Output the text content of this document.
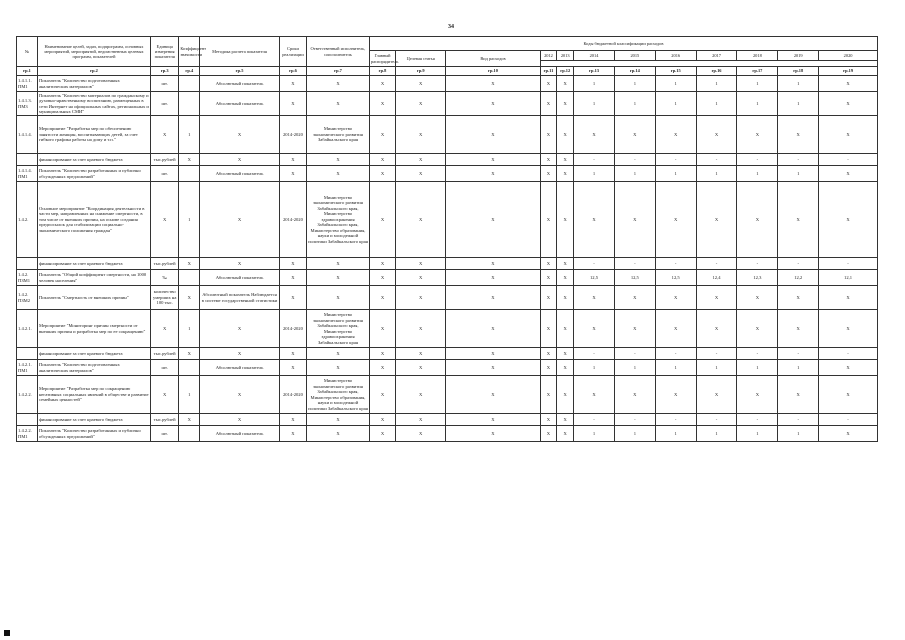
34
№	Наименование целей, задач, подпрограмм, основных мероприятий, мероприятий, ведомственных целевых программ, показателей	Единица измерения показателя	Коэффициент значимости	Методика расчета показателя	Сроки реализации	Ответственный исполнитель, соисполнитель	Коды бюджетной классификации расходов											
							Главный распорядитель	Целевая статья	Вид расходов	2012	2013	2014	2015	2016	2017	2018	2019	2020

гр.1	гр.2	гр.3	гр.4	гр.5	гр.6	гр.7	гр.8	гр.9	гр.10	гр.11	гр.12	гр.13	гр.14	гр.15	гр.16	гр.17	гр.18	гр.19
1.4.1.1. ПМ1	Показатель "Количество подготовленных аналитических материалов"	шт.		Абсолютный показатель	X	X	X	X	X	X	X	1	1	1	1	1	1	X
1.4.1.3. ПМ3	Показатель "Количество материалов по гражданскому и духовно-нравственному воспитанию, размещенных в сети Интернет на официальных сайтах, региональных и муниципальных СМИ"	шт.		Абсолютный показатель	X	X	X	X	X	X	X	1	1	1	1	1	1	X
1.4.1.4.	Мероприятие "Разработка мер по обеспечению занятости женщин, воспитывающих детей, за счет гибкого графика работы на дому и т.п."	X	1	X	2014-2020	Министерство экономического развития Забайкальского края	X	X	X	X	X	X	X	X	X	X	X	X
	финансирование за счет краевого бюджета	тыс.рублей	X	X	X	X	X	X	X	X	X	-	-	-	-	-	-	-
1.4.1.4. ПМ1	Показатель "Количество разработанных и публично обсужденных предложений"	шт.		Абсолютный показатель	X	X	X	X	X	X	X	1	1	1	1	1	1	X
1.4.2.	Основное мероприятие "Координация деятельности в части мер, направленных на снижение смертности, в том числе от внешних причин, на основе создания предпосылок для стабилизации социально-экономического положения граждан"	X	1	X	2014-2020	Министерство экономического развития Забайкальского края, Министерство здравоохранения Забайкальского края, Министерство образования, науки и молодежной политики Забайкальского края	X	X	X	X	X	X	X	X	X	X	X	X
	финансирование за счет краевого бюджета	тыс.рублей	X	X	X	X	X	X	X	X	X	-	-	-	-	-	-	-
1.4.2. ПЗМ1	Показатель "Общий коэффициент смертности, на 1000 человек населения"	‰		Абсолютный показатель	X	X	X	X	X	X	X	12,5	12,5	12,5	12,4	12,3	12,2	12,1
1.4.2. ПЗМ2	Показатель "Смертность от внешних причин"	количество умерших на 100 тыс.	X	Абсолютный показатель Наблюдается в системе государственной статистики	X	X	X	X	X	X	X	X	X	X	X	X	X	X
1.4.2.1.	Мероприятие "Мониторинг причин смертности от внешних причин и разработка мер по ее сокращению"	X	1	X	2014-2020	Министерство экономического развития Забайкальского края, Министерство здравоохранения Забайкальского края	X	X	X	X	X	X	X	X	X	X	X	X
	финансирование за счет краевого бюджета	тыс.рублей	X	X	X	X	X	X	X	X	X	-	-	-	-	-	-	-
1.4.2.1. ПМ1	Показатель "Количество подготовленных аналитических материалов"	шт.		Абсолютный показатель	X	X	X	X	X	X	X	1	1	1	1	1	1	X
1.4.2.2.	Мероприятие "Разработка мер по сокращению негативных социальных явлений в обществе и развитие семейных ценностей"	X	1	X	2014-2020	Министерство экономического развития Забайкальского края, Министерство образования, науки и молодежной политики Забайкальского края	X	X	X	X	X	X	X	X	X	X	X	X
	финансирование за счет краевого бюджета	тыс.рублей	X	X	X	X	X	X	X	X	X	-	-	-	-	-	-	-
1.4.2.2. ПМ1	Показатель "Количество разработанных и публично обсужденных предложений"	шт.		Абсолютный показатель	X	X	X	X	X	X	X	1	1	1	1	1	1	X
